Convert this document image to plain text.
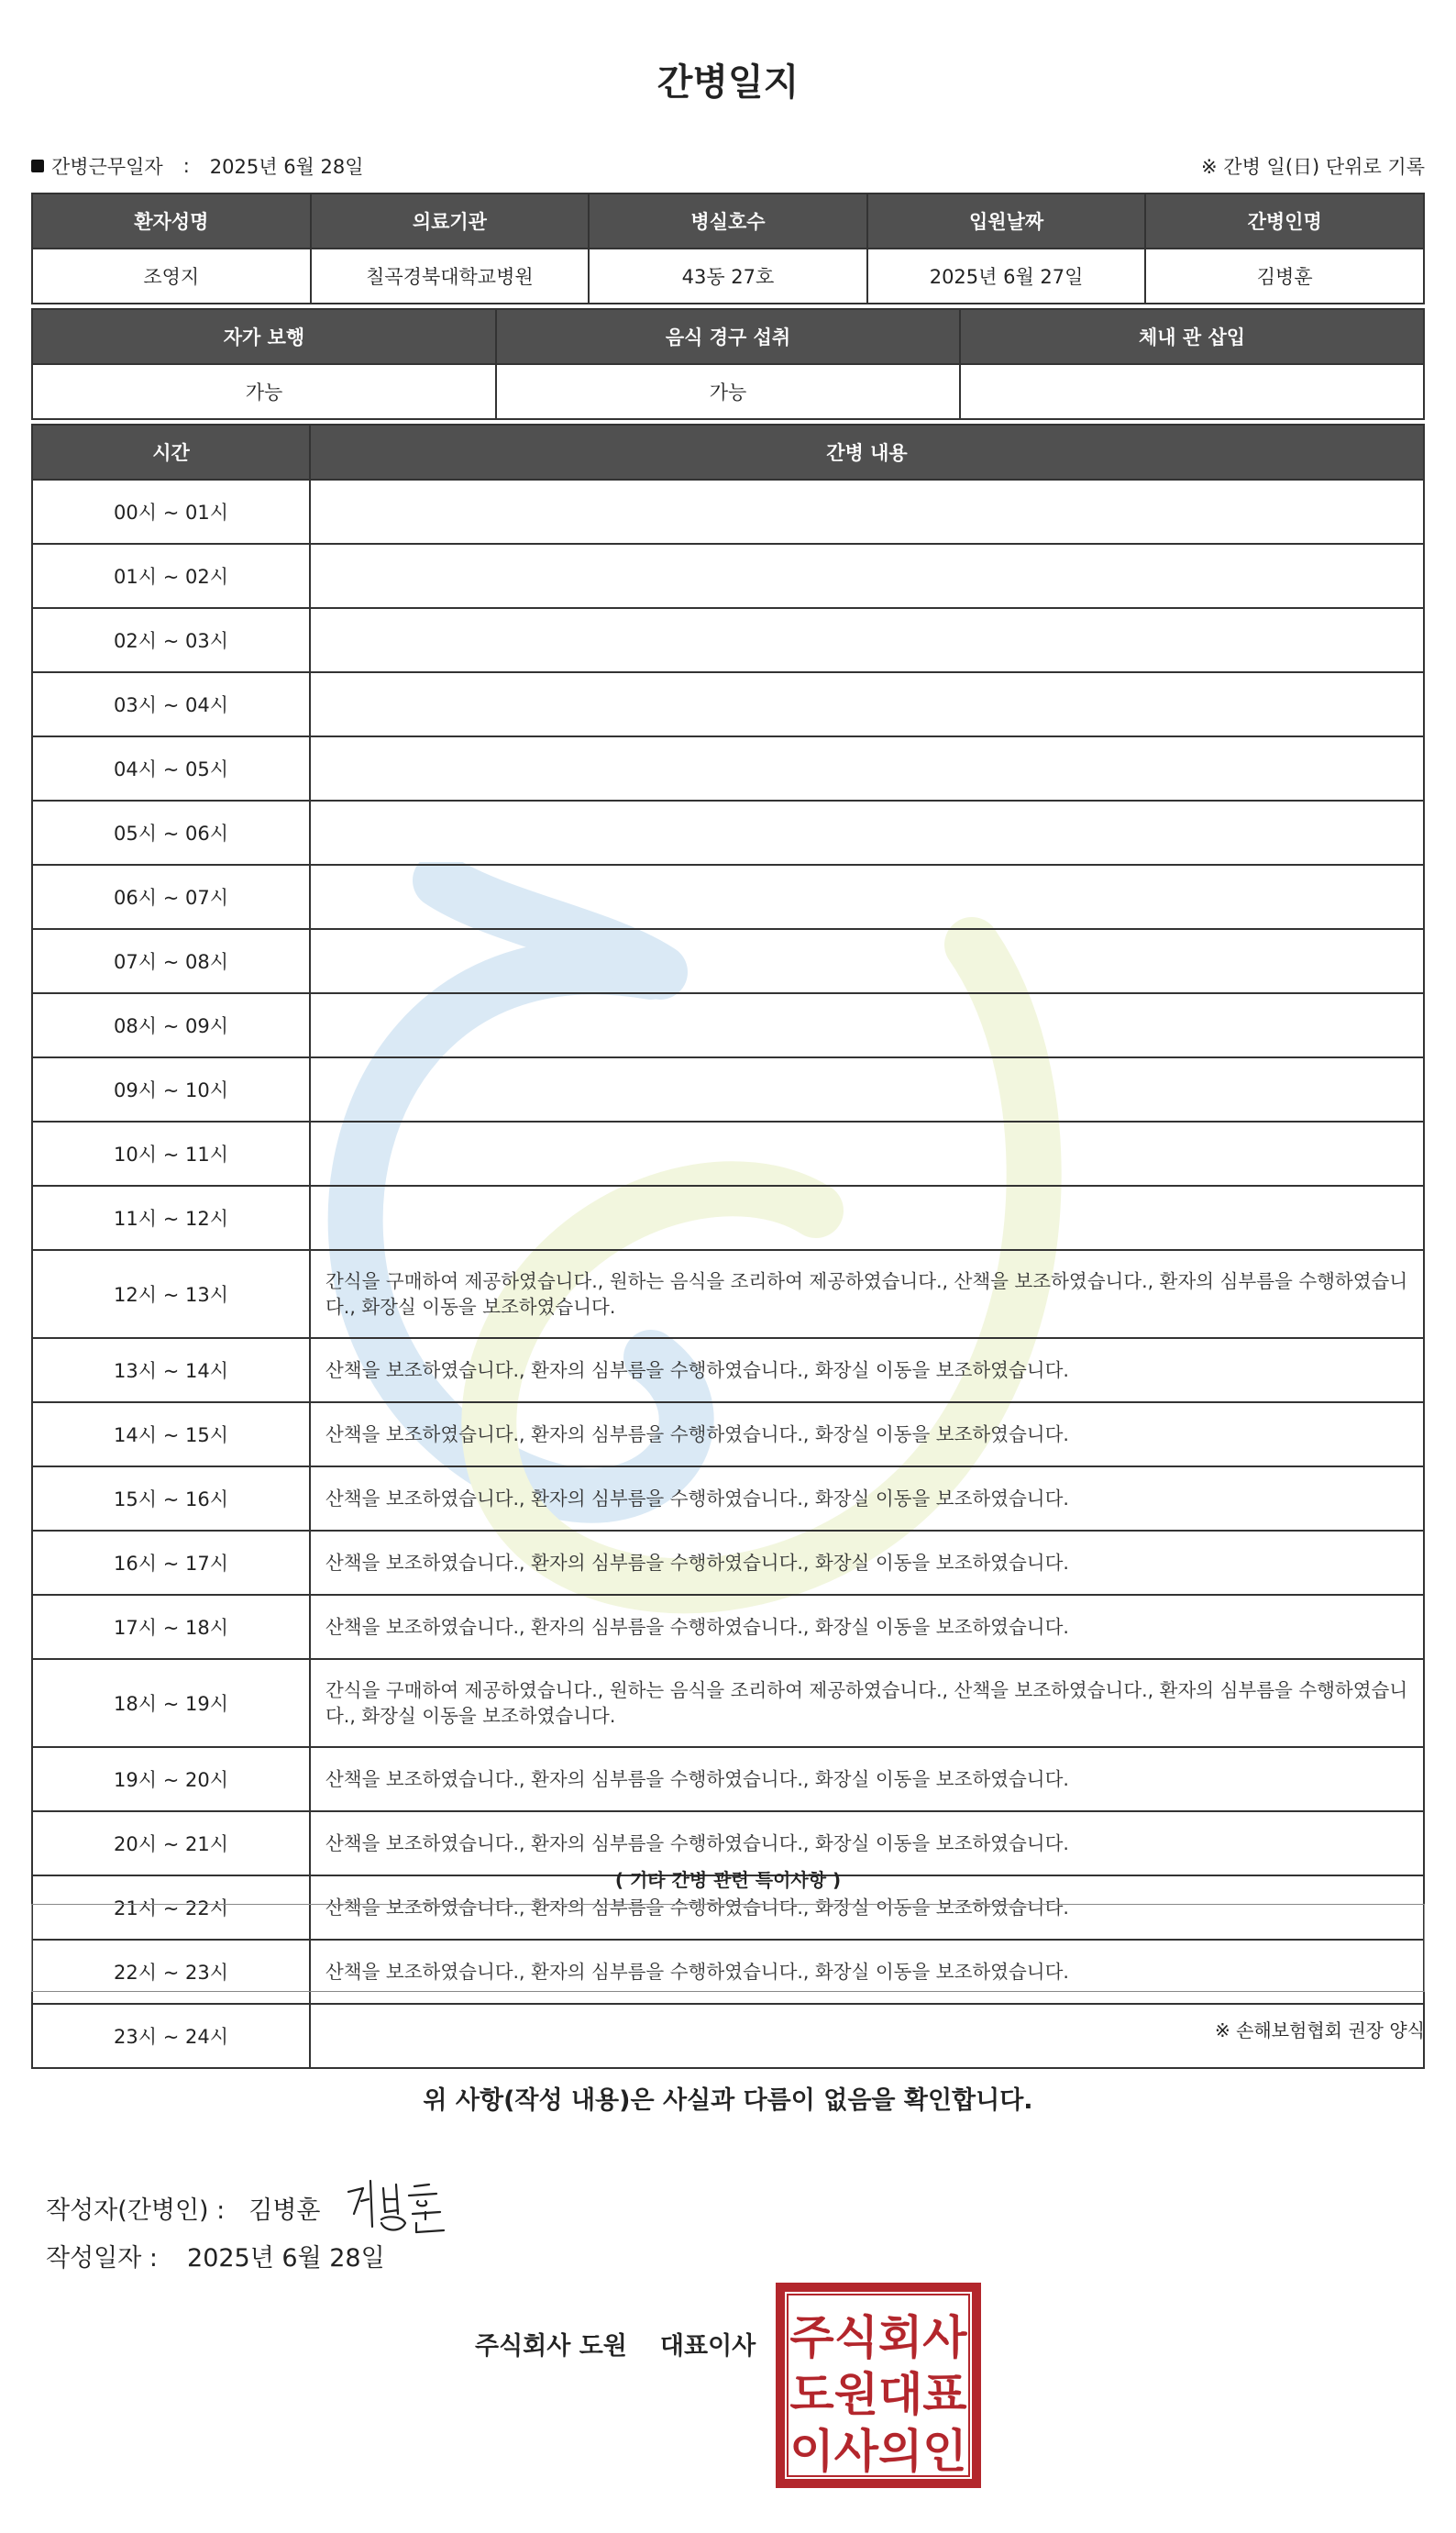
간병일지
간병근무일자 : 2025년 6월 28일	※ 간병 일(日) 단위로 기록
환자성명	의료기관	병실호수	입원날짜	간병인명
조영지	칠곡경북대학교병원	43동 27호	2025년 6월 27일	김병훈
자가 보행	음식 경구 섭취	체내 관 삽입
가능	가능	
시간	간병 내용
00시 ~ 01시	
01시 ~ 02시	
02시 ~ 03시	
03시 ~ 04시	
04시 ~ 05시	
05시 ~ 06시	
06시 ~ 07시	
07시 ~ 08시	
08시 ~ 09시	
09시 ~ 10시	
10시 ~ 11시	
11시 ~ 12시	
12시 ~ 13시	간식을 구매하여 제공하였습니다., 원하는 음식을 조리하여 제공하였습니다., 산책을 보조하였습니다., 환자의 심부름을 수행하였습니다., 화장실 이동을 보조하였습니다.
13시 ~ 14시	산책을 보조하였습니다., 환자의 심부름을 수행하였습니다., 화장실 이동을 보조하였습니다.
14시 ~ 15시	산책을 보조하였습니다., 환자의 심부름을 수행하였습니다., 화장실 이동을 보조하였습니다.
15시 ~ 16시	산책을 보조하였습니다., 환자의 심부름을 수행하였습니다., 화장실 이동을 보조하였습니다.
16시 ~ 17시	산책을 보조하였습니다., 환자의 심부름을 수행하였습니다., 화장실 이동을 보조하였습니다.
17시 ~ 18시	산책을 보조하였습니다., 환자의 심부름을 수행하였습니다., 화장실 이동을 보조하였습니다.
18시 ~ 19시	간식을 구매하여 제공하였습니다., 원하는 음식을 조리하여 제공하였습니다., 산책을 보조하였습니다., 환자의 심부름을 수행하였습니다., 화장실 이동을 보조하였습니다.
19시 ~ 20시	산책을 보조하였습니다., 환자의 심부름을 수행하였습니다., 화장실 이동을 보조하였습니다.
20시 ~ 21시	산책을 보조하였습니다., 환자의 심부름을 수행하였습니다., 화장실 이동을 보조하였습니다.
21시 ~ 22시	산책을 보조하였습니다., 환자의 심부름을 수행하였습니다., 화장실 이동을 보조하였습니다.
22시 ~ 23시	산책을 보조하였습니다., 환자의 심부름을 수행하였습니다., 화장실 이동을 보조하였습니다.
23시 ~ 24시	
( 기타 간병 관련 특이사항 )
※ 손해보험협회 권장 양식
위 사항(작성 내용)은 사실과 다름이 없음을 확인합니다.
작성자(간병인) : 김병훈
작성일자 : 2025년 6월 28일
주식회사 도원 대표이사 주식회사
도원대표
이사의인
